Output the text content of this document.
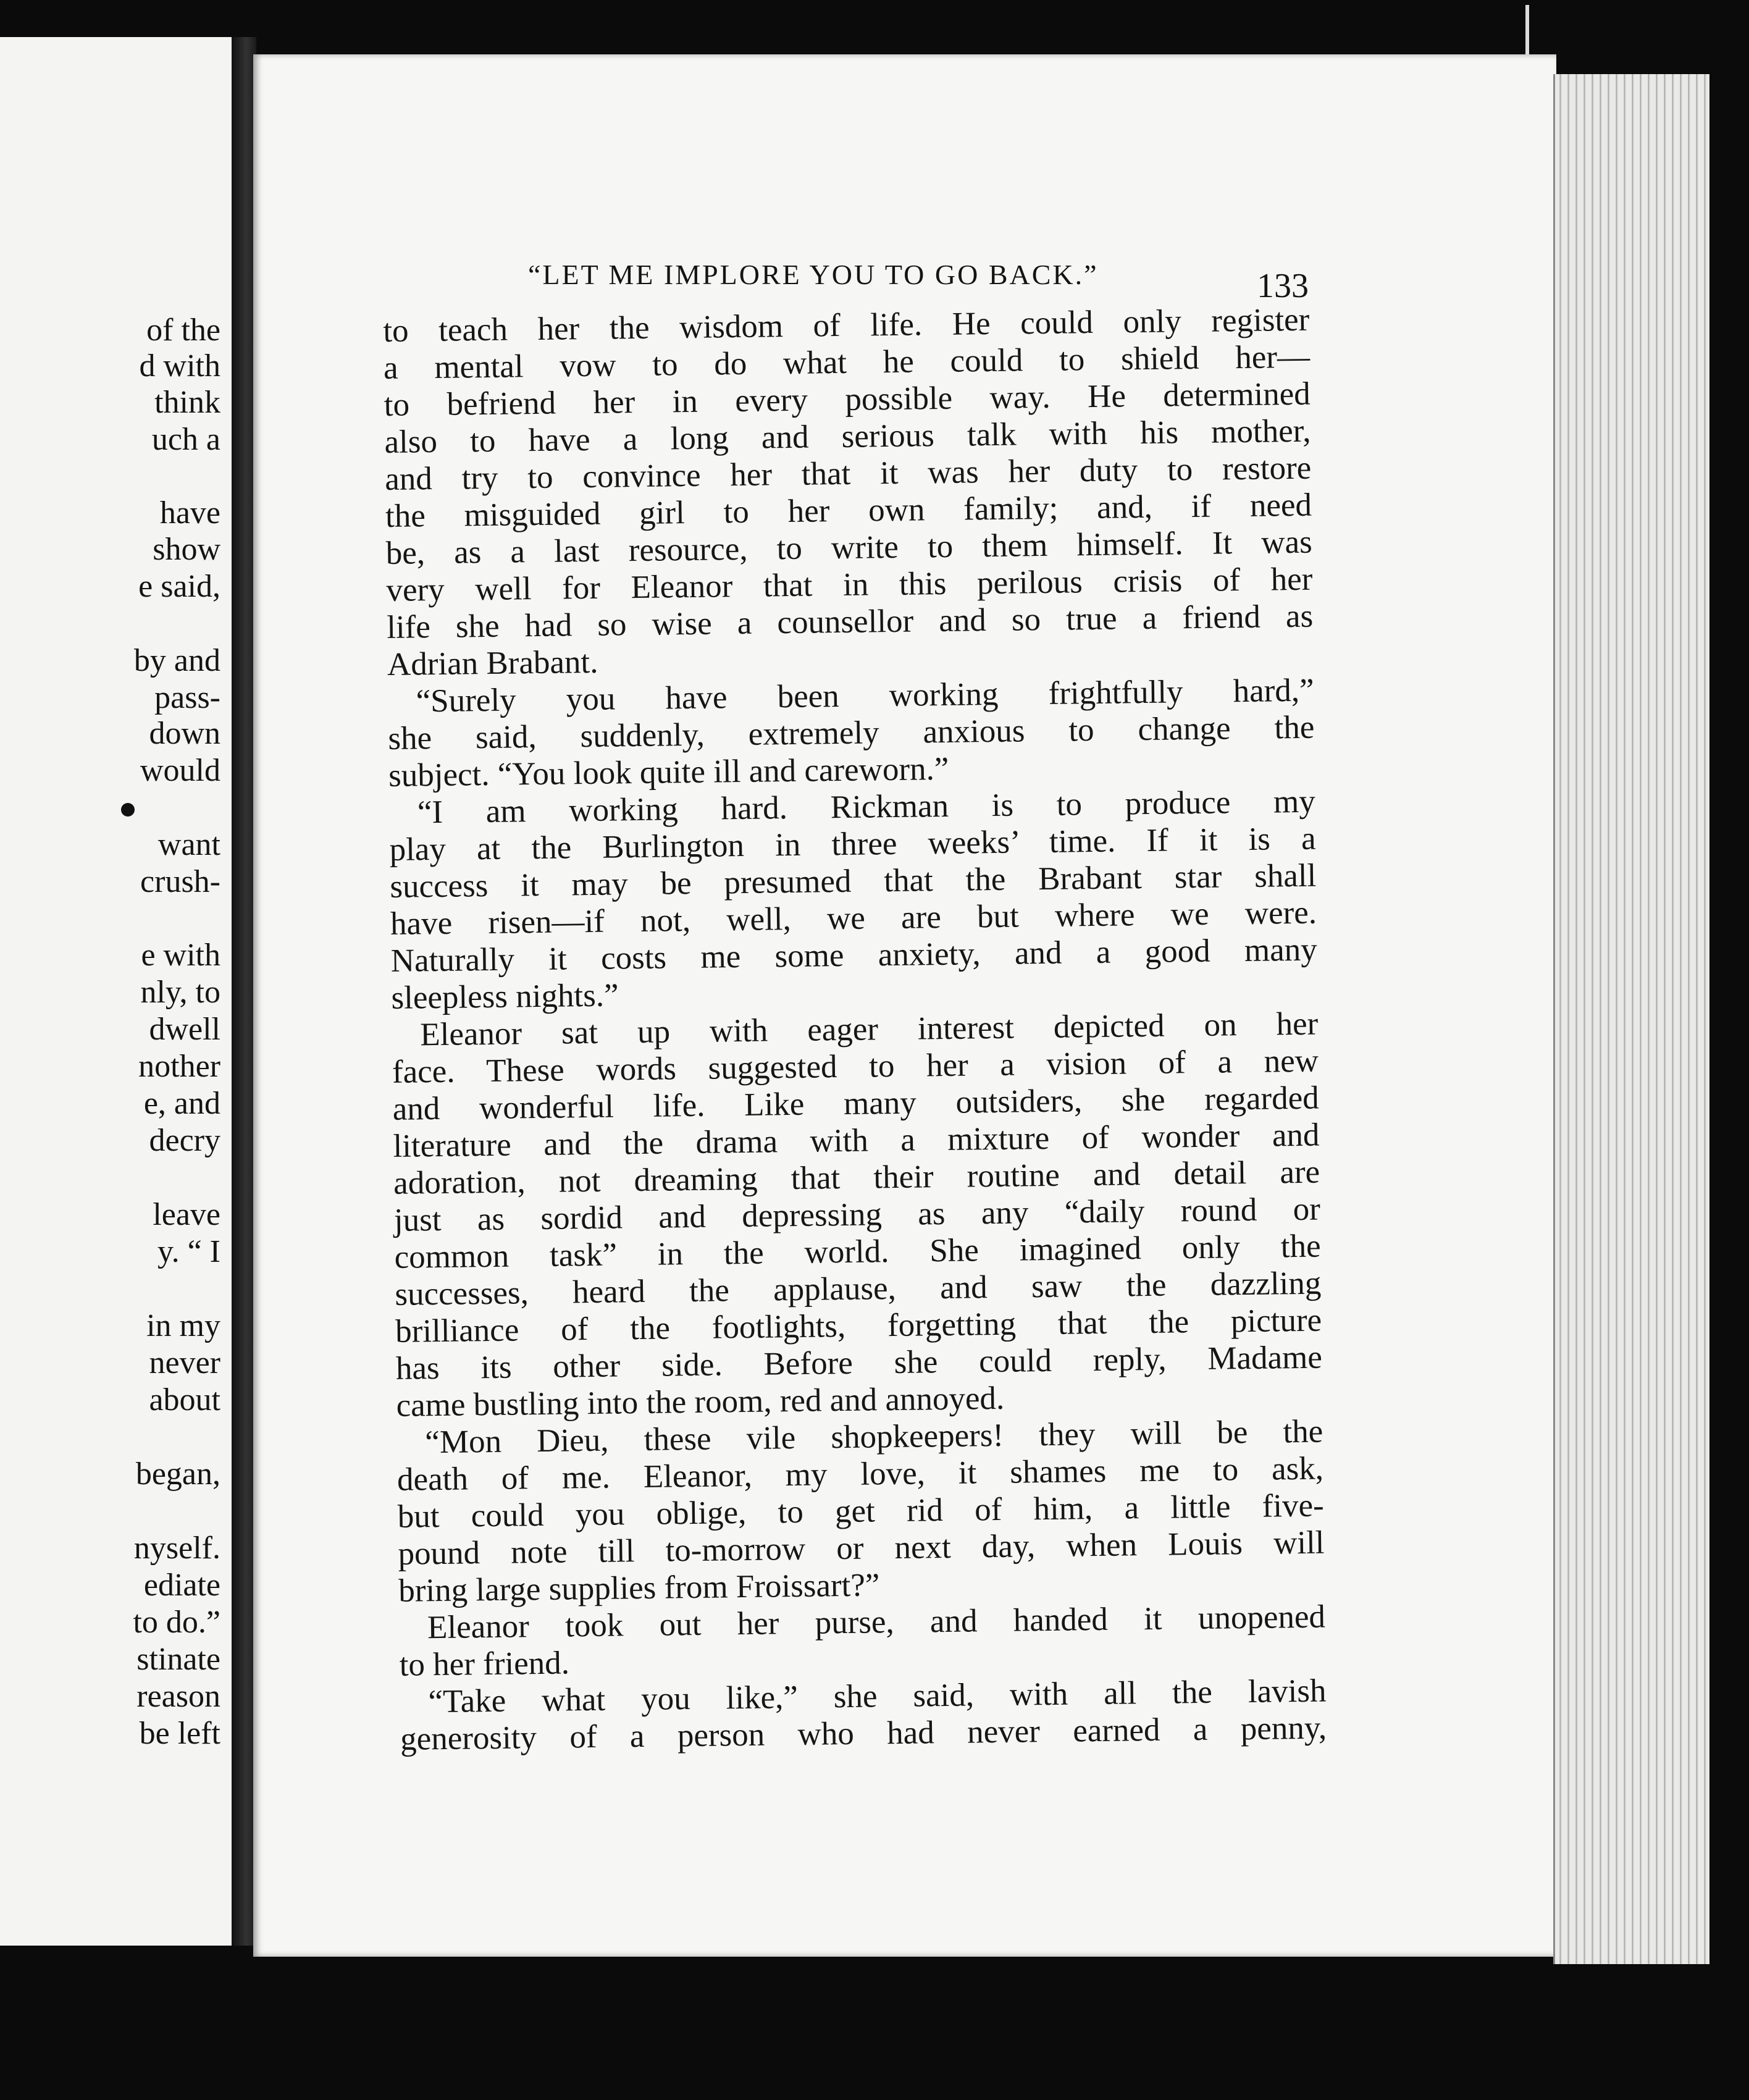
of the
d with
think
uch a
have
show
e said,
by and
pass-
down
would
want
crush-
e with
nly, to
dwell
nother
e, and
decry
leave
y. “ I
in my
never
about
began,
nyself.
ediate
to do.”
stinate
reason
be left
“LET ME IMPLORE YOU TO GO BACK.”	133
to teach her the wisdom of life. He could only register
a mental vow to do what he could to shield her—
to befriend her in every possible way. He determined
also to have a long and serious talk with his mother,
and try to convince her that it was her duty to restore
the misguided girl to her own family; and, if need
be, as a last resource, to write to them himself. It was
very well for Eleanor that in this perilous crisis of her
life she had so wise a counsellor and so true a friend as
Adrian Brabant.
“Surely you have been working frightfully hard,”
she said, suddenly, extremely anxious to change the
subject. “You look quite ill and careworn.”
“I am working hard. Rickman is to produce my
play at the Burlington in three weeks’ time. If it is a
success it may be presumed that the Brabant star shall
have risen—if not, well, we are but where we were.
Naturally it costs me some anxiety, and a good many
sleepless nights.”
Eleanor sat up with eager interest depicted on her
face. These words suggested to her a vision of a new
and wonderful life. Like many outsiders, she regarded
literature and the drama with a mixture of wonder and
adoration, not dreaming that their routine and detail are
just as sordid and depressing as any “daily round or
common task” in the world. She imagined only the
successes, heard the applause, and saw the dazzling
brilliance of the footlights, forgetting that the picture
has its other side. Before she could reply, Madame
came bustling into the room, red and annoyed.
“Mon Dieu, these vile shopkeepers! they will be the
death of me. Eleanor, my love, it shames me to ask,
but could you oblige, to get rid of him, a little five-
pound note till to-morrow or next day, when Louis will
bring large supplies from Froissart?”
Eleanor took out her purse, and handed it unopened
to her friend.
“Take what you like,” she said, with all the lavish
generosity of a person who had never earned a penny,
